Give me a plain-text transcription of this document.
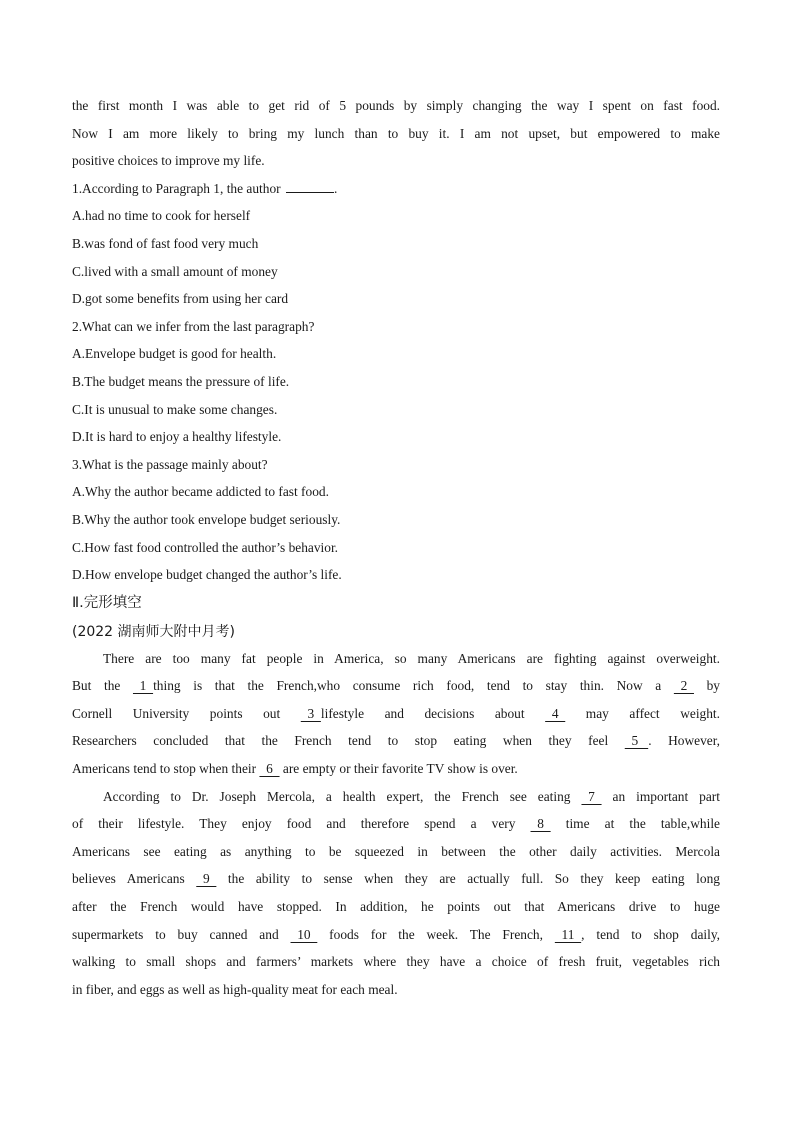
the first month I was able to get rid of 5 pounds by simply changing the way I spent on fast food.
Now I am more likely to bring my lunch than to buy it. I am not upset, but empowered to make
positive choices to improve my life.
1.According to Paragraph 1, the author	.
A.had no time to cook for herself
B.was fond of fast food very much
C.lived with a small amount of money
D.got some benefits from using her card
2.What can we infer from the last paragraph?
A.Envelope budget is good for health.
B.The budget means the pressure of life.
C.It is unusual to make some changes.
D.It is hard to enjoy a healthy lifestyle.
3.What is the passage mainly about?
A.Why the author became addicted to fast food.
B.Why the author took envelope budget seriously.
C.How fast food controlled the author’s behavior.
D.How envelope budget changed the author’s life.
Ⅱ.完形填空
(2022 湖南师大附中月考)
There are too many fat people in America, so many Americans are fighting against overweight.
But the   1  thing is that the French,who consume rich food, tend to stay thin. Now a   2   by
Cornell University points out   3  lifestyle and decisions about   4   may affect weight.
Researchers concluded that the French tend to stop eating when they feel   5   . However,
Americans tend to stop when their   6   are empty or their favorite TV show is over.
According to Dr. Joseph Mercola, a health expert, the French see eating   7   an important part
of their lifestyle. They enjoy food and therefore spend a very   8   time at the table,while
Americans see eating as anything to be squeezed in between the other daily activities. Mercola
believes Americans   9   the ability to sense when they are actually full. So they keep eating long
after the French would have stopped. In addition, he points out that Americans drive to huge
supermarkets to buy canned and   10   foods for the week. The French,   11  , tend to shop daily,
walking to small shops and farmers’ markets where they have a choice of fresh fruit, vegetables rich
in fiber, and eggs as well as high-quality meat for each meal.
